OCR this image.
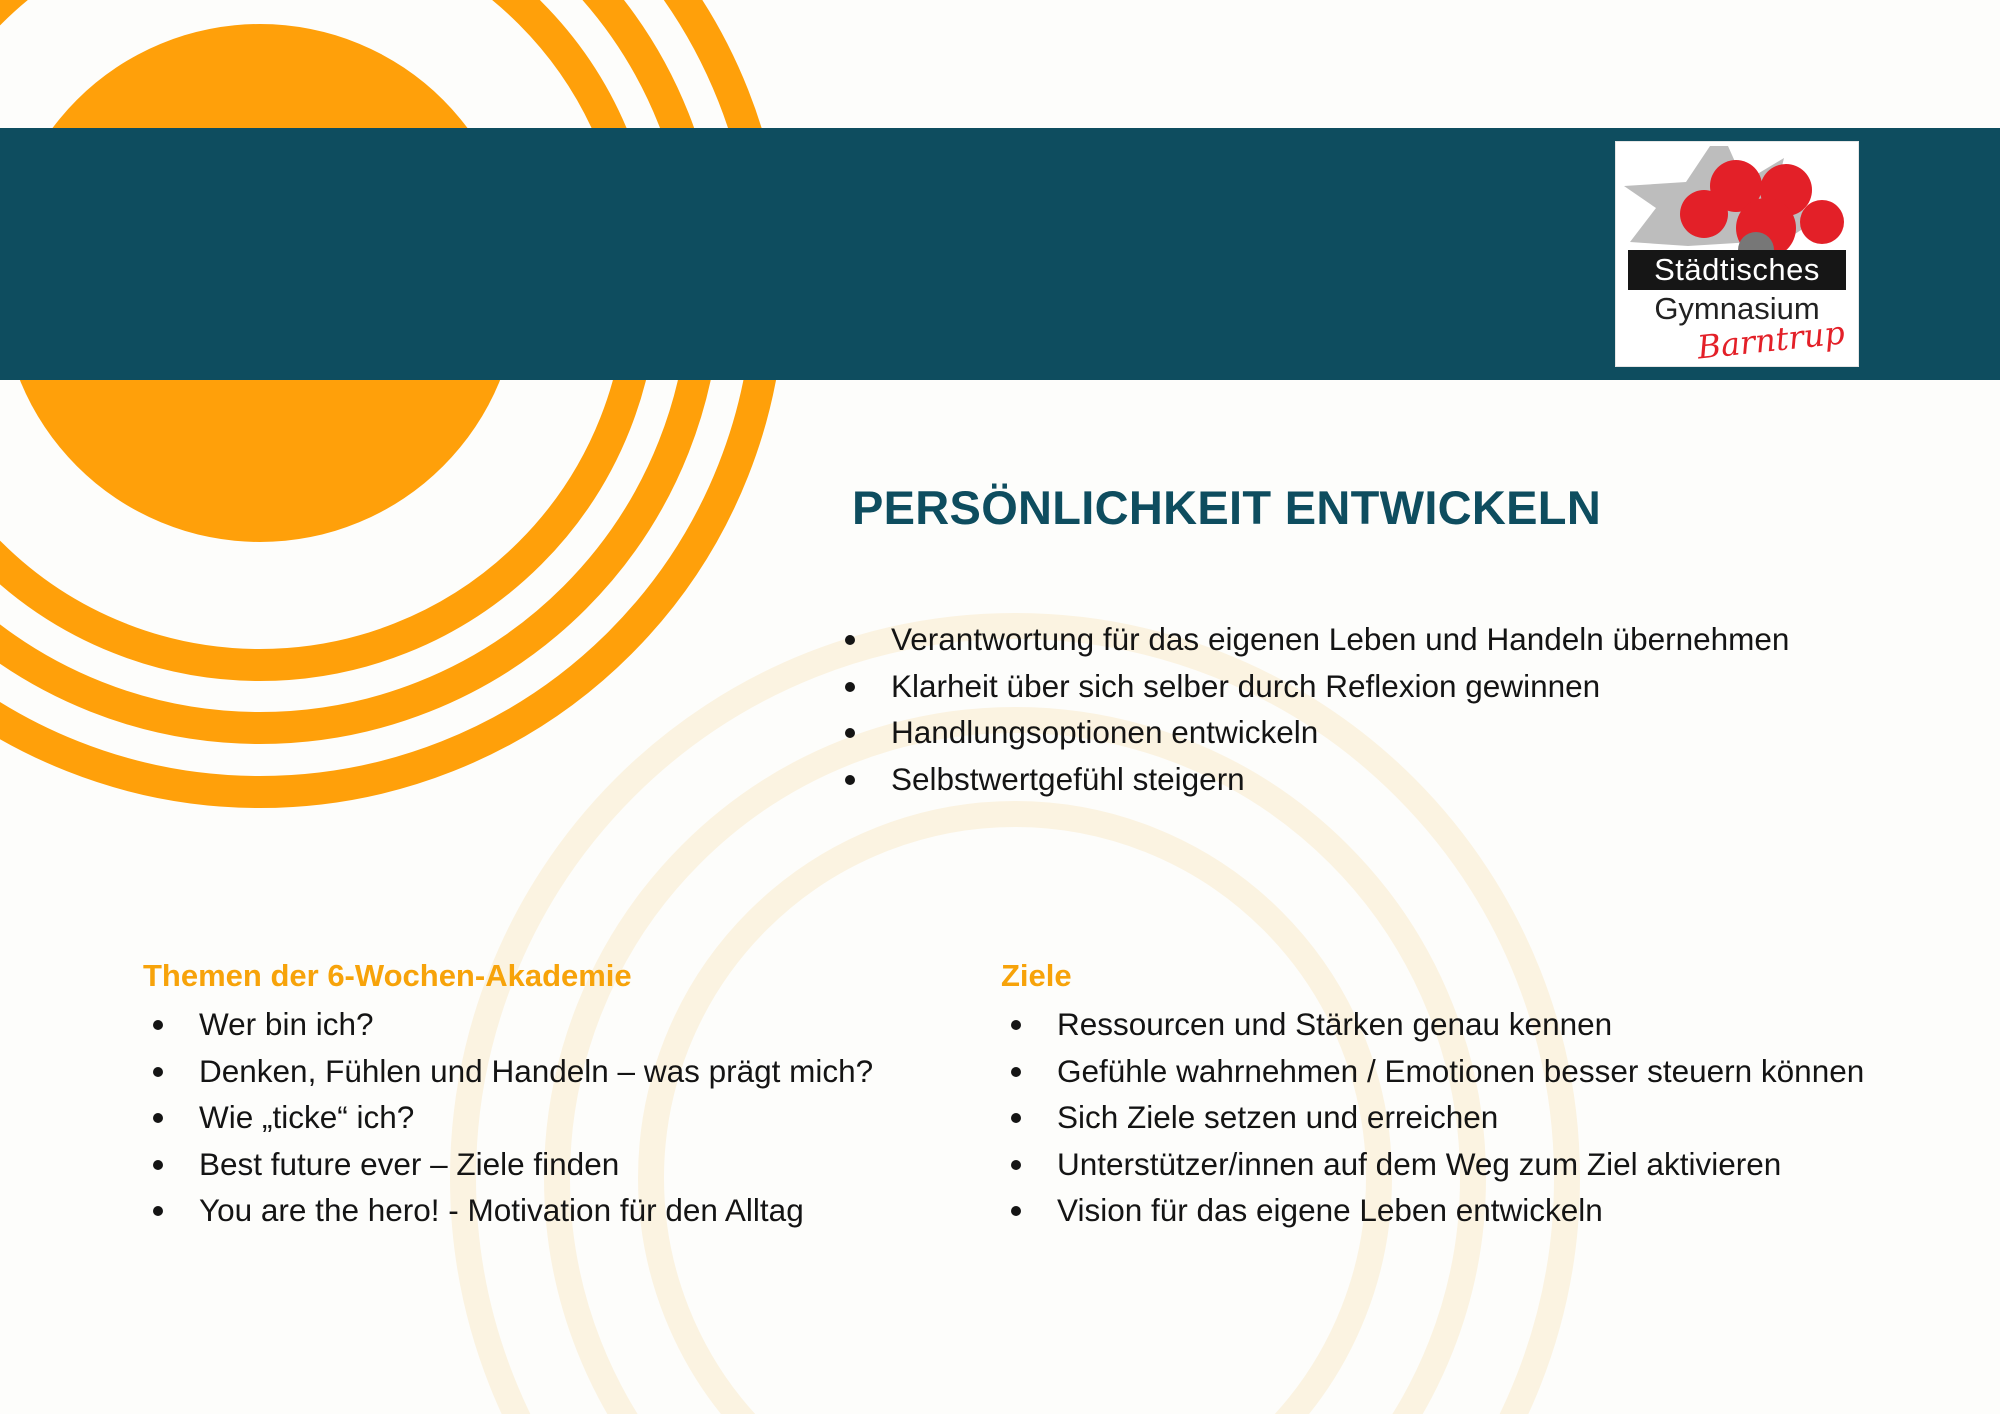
Städtisches
Gymnasium
Barntrup
PERSÖNLICHKEIT ENTWICKELN
Verantwortung für das eigenen Leben und Handeln übernehmen
Klarheit über sich selber durch Reflexion gewinnen
Handlungsoptionen entwickeln
Selbstwertgefühl steigern
Themen der 6-Wochen-Akademie
Wer bin ich?
Denken, Fühlen und Handeln – was prägt mich?
Wie „ticke“ ich?
Best future ever – Ziele finden
You are the hero! - Motivation für den Alltag
Ziele
Ressourcen und Stärken genau kennen
Gefühle wahrnehmen / Emotionen besser steuern können
Sich Ziele setzen und erreichen
Unterstützer/innen auf dem Weg zum Ziel aktivieren
Vision für das eigene Leben entwickeln
